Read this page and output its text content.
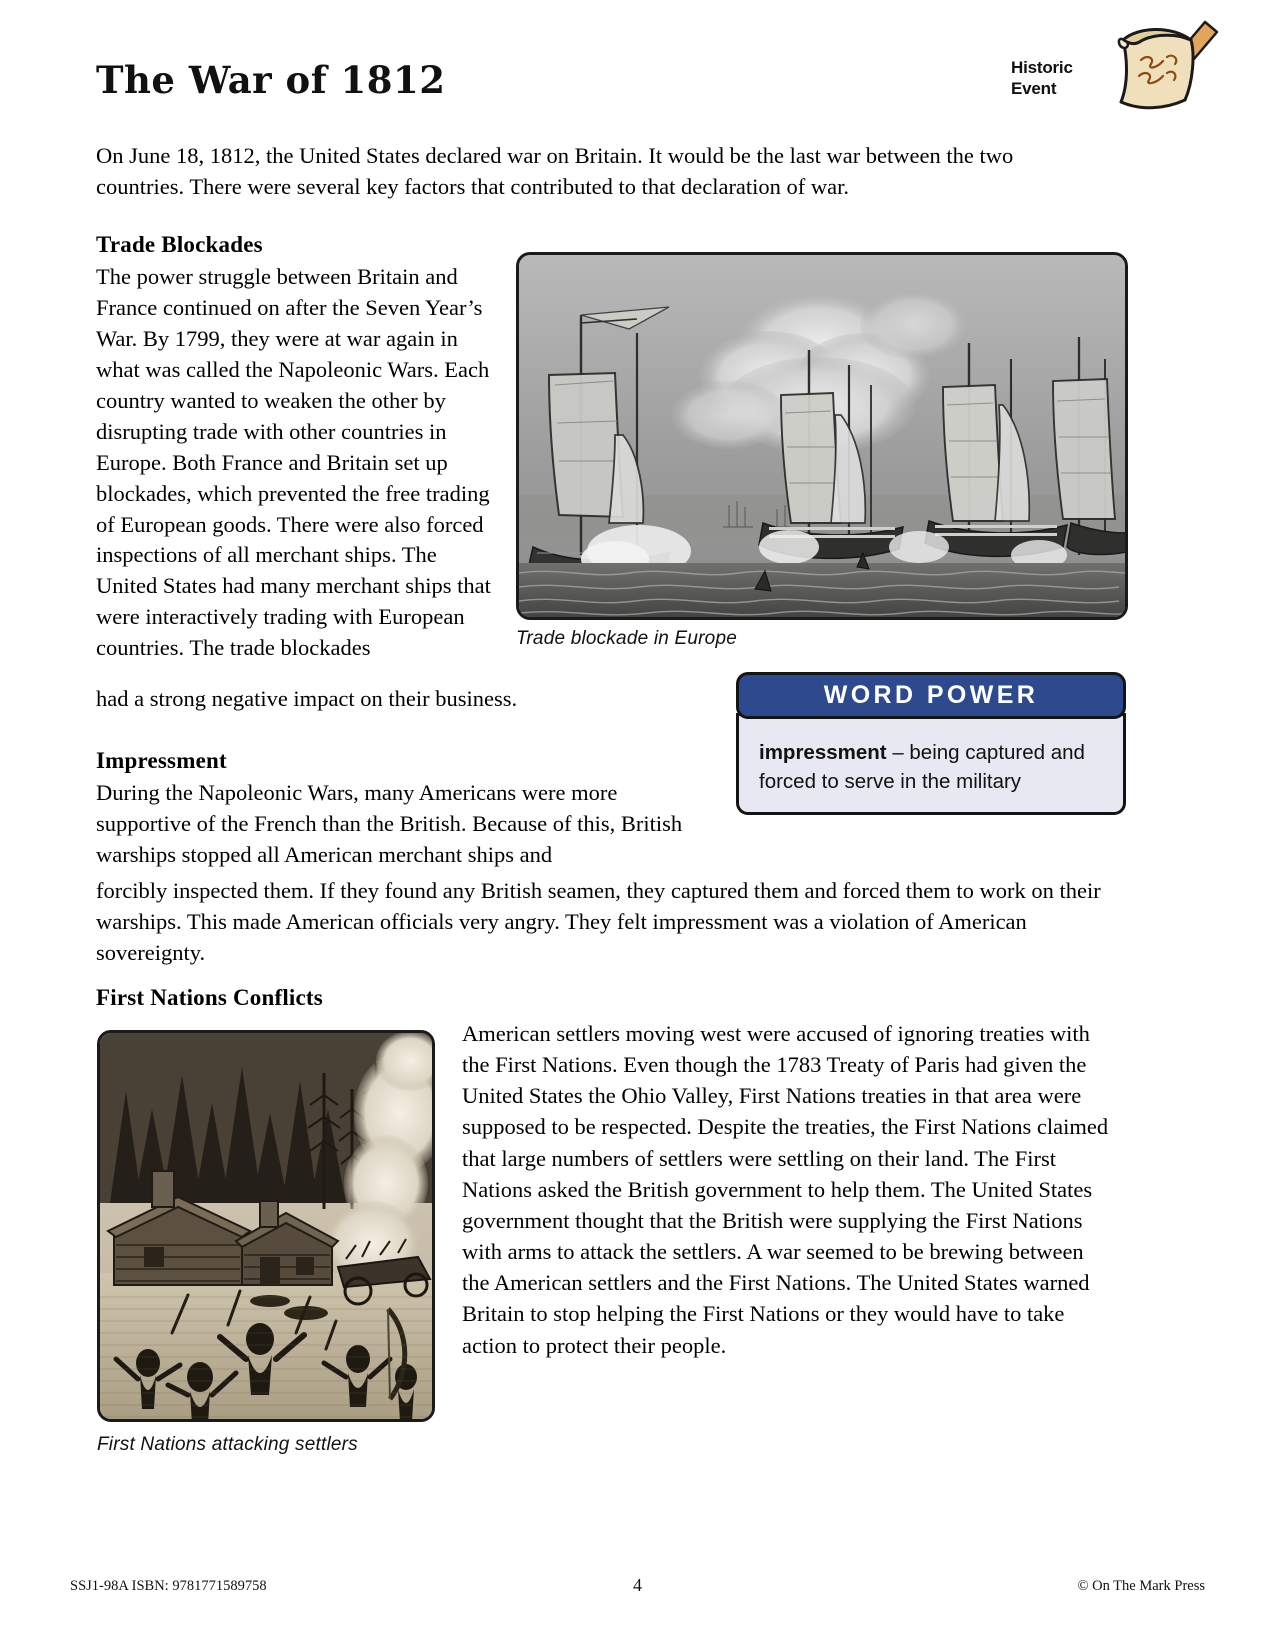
The War of 1812	Historic
Event
On June 18, 1812, the United States declared war on Britain. It would be the last war between the two countries. There were several key factors that contributed to that declaration of war.
Trade Blockades
The power struggle between Britain and France continued on after the Seven Year’s War. By 1799, they were at war again in what was called the Napoleonic Wars. Each country wanted to weaken the other by disrupting trade with other countries in Europe. Both France and Britain set up blockades, which prevented the free trading of European goods. There were also forced inspections of all merchant ships. The United States had many merchant ships that were interactively trading with European countries. The trade blockades
had a strong negative impact on their business.
Trade blockade in Europe
WORD POWER
impressment – being captured and forced to serve in the military
Impressment
During the Napoleonic Wars, many Americans were more supportive of the French than the British. Because of this, British warships stopped all American merchant ships and
forcibly inspected them. If they found any British seamen, they captured them and forced them to work on their warships. This made American officials very angry. They felt impressment was a violation of American sovereignty.
First Nations Conflicts
American settlers moving west were accused of ignoring treaties with the First Nations. Even though the 1783 Treaty of Paris had given the United States the Ohio Valley, First Nations treaties in that area were supposed to be respected. Despite the treaties, the First Nations claimed that large numbers of settlers were settling on their land. The First Nations asked the British government to help them. The United States government thought that the British were supplying the First Nations with arms to attack the settlers. A war seemed to be brewing between the American settlers and the First Nations. The United States warned Britain to stop helping the First Nations or they would have to take action to protect their people.
First Nations attacking settlers
SSJ1-98A ISBN: 9781771589758	4	© On The Mark Press
